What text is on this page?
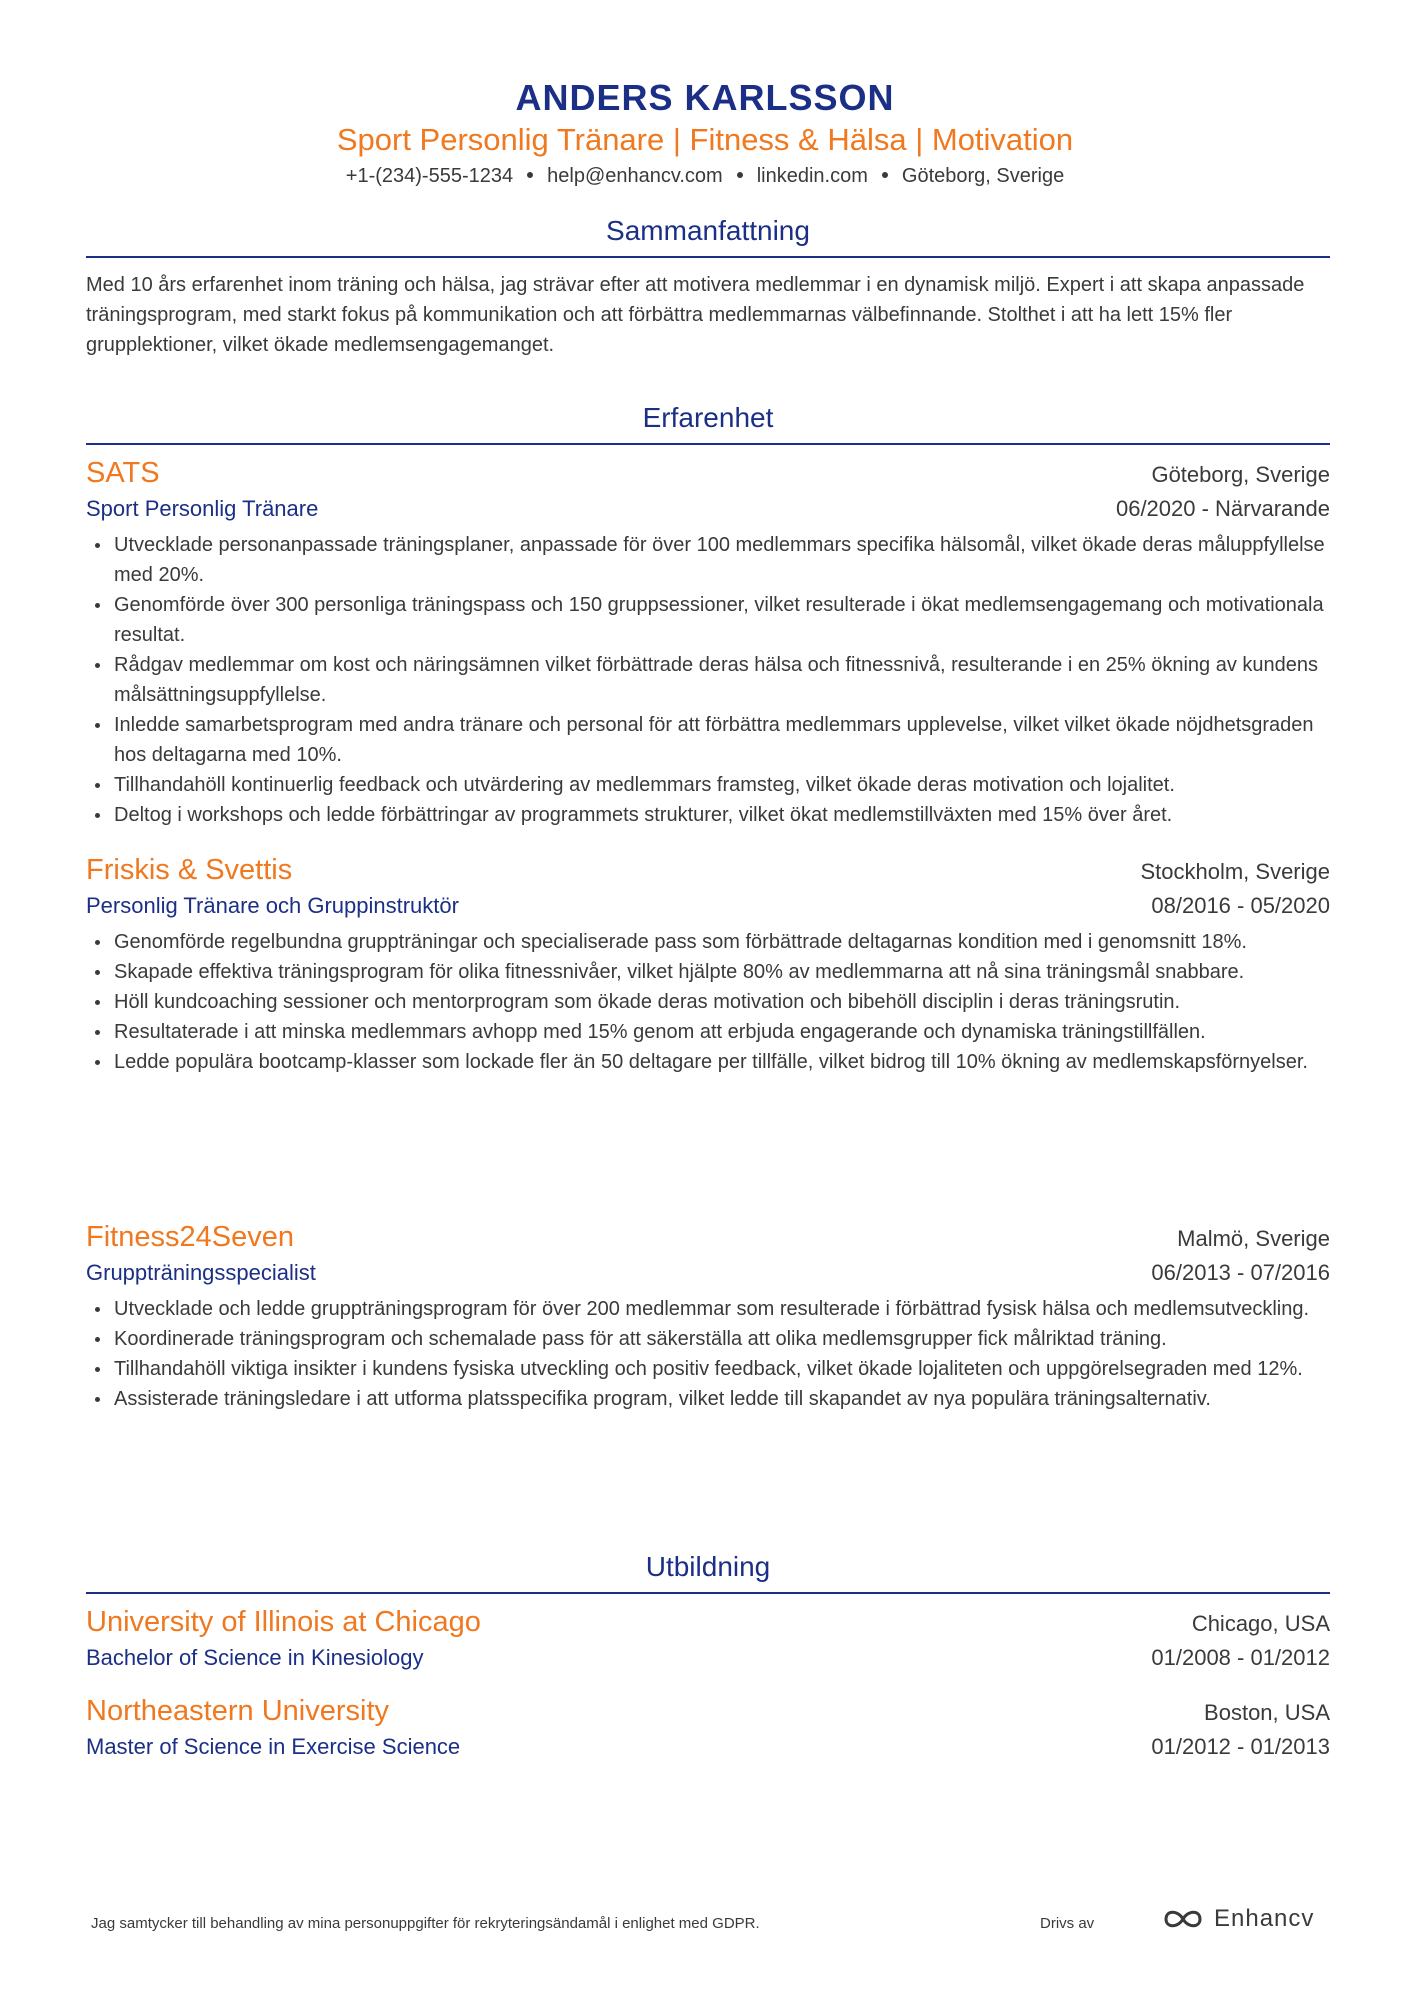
ANDERS KARLSSON
Sport Personlig Tränare | Fitness & Hälsa | Motivation
+1-(234)-555-1234 help@enhancv.com linkedin.com Göteborg, Sverige
Sammanfattning
Med 10 års erfarenhet inom träning och hälsa, jag strävar efter att motivera medlemmar i en dynamisk miljö. Expert i att skapa anpassade träningsprogram, med starkt fokus på kommunikation och att förbättra medlemmarnas välbefinnande. Stolthet i att ha lett 15% fler grupplektioner, vilket ökade medlemsengagemanget.
Erfarenhet
SATS	Göteborg, Sverige
Sport Personlig Tränare	06/2020 - Närvarande
Utvecklade personanpassade träningsplaner, anpassade för över 100 medlemmars specifika hälsomål, vilket ökade deras måluppfyllelse med 20%.
Genomförde över 300 personliga träningspass och 150 gruppsessioner, vilket resulterade i ökat medlemsengagemang och motivationala resultat.
Rådgav medlemmar om kost och näringsämnen vilket förbättrade deras hälsa och fitnessnivå, resulterande i en 25% ökning av kundens målsättningsuppfyllelse.
Inledde samarbetsprogram med andra tränare och personal för att förbättra medlemmars upplevelse, vilket vilket ökade nöjdhetsgraden hos deltagarna med 10%.
Tillhandahöll kontinuerlig feedback och utvärdering av medlemmars framsteg, vilket ökade deras motivation och lojalitet.
Deltog i workshops och ledde förbättringar av programmets strukturer, vilket ökat medlemstillväxten med 15% över året.
Friskis & Svettis	Stockholm, Sverige
Personlig Tränare och Gruppinstruktör	08/2016 - 05/2020
Genomförde regelbundna gruppträningar och specialiserade pass som förbättrade deltagarnas kondition med i genomsnitt 18%.
Skapade effektiva träningsprogram för olika fitnessnivåer, vilket hjälpte 80% av medlemmarna att nå sina träningsmål snabbare.
Höll kundcoaching sessioner och mentorprogram som ökade deras motivation och bibehöll disciplin i deras träningsrutin.
Resultaterade i att minska medlemmars avhopp med 15% genom att erbjuda engagerande och dynamiska träningstillfällen.
Ledde populära bootcamp-klasser som lockade fler än 50 deltagare per tillfälle, vilket bidrog till 10% ökning av medlemskapsförnyelser.
Fitness24Seven	Malmö, Sverige
Gruppträningsspecialist	06/2013 - 07/2016
Utvecklade och ledde gruppträningsprogram för över 200 medlemmar som resulterade i förbättrad fysisk hälsa och medlemsutveckling.
Koordinerade träningsprogram och schemalade pass för att säkerställa att olika medlemsgrupper fick målriktad träning.
Tillhandahöll viktiga insikter i kundens fysiska utveckling och positiv feedback, vilket ökade lojaliteten och uppgörelsegraden med 12%.
Assisterade träningsledare i att utforma platsspecifika program, vilket ledde till skapandet av nya populära träningsalternativ.
Utbildning
University of Illinois at Chicago	Chicago, USA
Bachelor of Science in Kinesiology	01/2008 - 01/2012
Northeastern University	Boston, USA
Master of Science in Exercise Science	01/2012 - 01/2013
Jag samtycker till behandling av mina personuppgifter för rekryteringsändamål i enlighet med GDPR.	Drivs av	Enhancv
